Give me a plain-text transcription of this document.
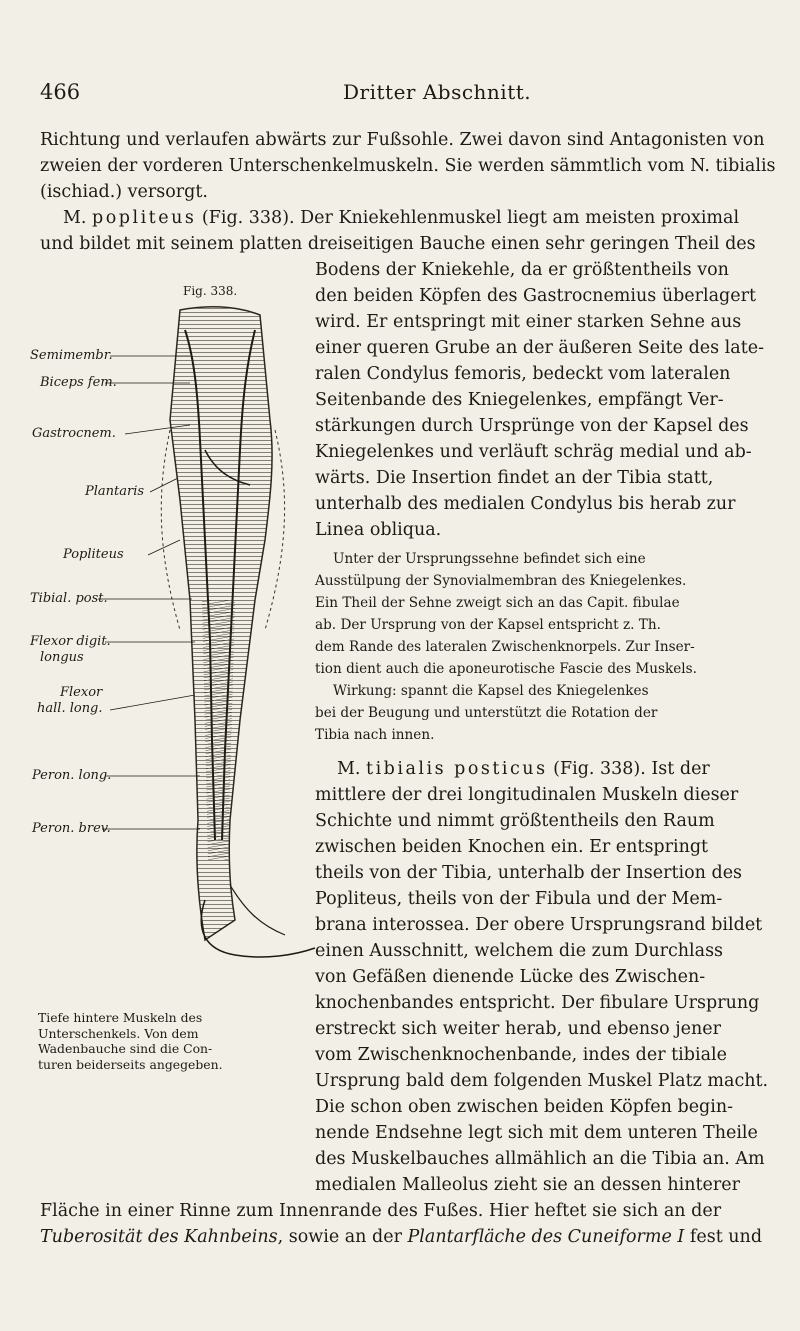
466	Dritter Abschnitt.
Richtung und verlaufen abwärts zur Fußsohle. Zwei davon sind Antagonisten von
zweien der vorderen Unterschenkelmuskeln. Sie werden sämmtlich vom N. tibialis
(ischiad.) versorgt.
M. popliteus (Fig. 338). Der Kniekehlenmuskel liegt am meisten proximal
und bildet mit seinem platten dreiseitigen Bauche einen sehr geringen Theil des
Bodens der Kniekehle, da er größtentheils von
den beiden Köpfen des Gastrocnemius überlagert
wird. Er entspringt mit einer starken Sehne aus
einer queren Grube an der äußeren Seite des late-
ralen Condylus femoris, bedeckt vom lateralen
Seitenbande des Kniegelenkes, empfängt Ver-
stärkungen durch Ursprünge von der Kapsel des
Kniegelenkes und verläuft schräg medial und ab-
wärts. Die Insertion findet an der Tibia statt,
unterhalb des medialen Condylus bis herab zur
Linea obliqua.
Unter der Ursprungssehne befindet sich eine
Ausstülpung der Synovialmembran des Kniegelenkes.
Ein Theil der Sehne zweigt sich an das Capit. fibulae
ab. Der Ursprung von der Kapsel entspricht z. Th.
dem Rande des lateralen Zwischenknorpels. Zur Inser-
tion dient auch die aponeurotische Fascie des Muskels.
Wirkung: spannt die Kapsel des Kniegelenkes
bei der Beugung und unterstützt die Rotation der
Tibia nach innen.
M. tibialis posticus (Fig. 338). Ist der
mittlere der drei longitudinalen Muskeln dieser
Schichte und nimmt größtentheils den Raum
zwischen beiden Knochen ein. Er entspringt
theils von der Tibia, unterhalb der Insertion des
Popliteus, theils von der Fibula und der Mem-
brana interossea. Der obere Ursprungsrand bildet
einen Ausschnitt, welchem die zum Durchlass
von Gefäßen dienende Lücke des Zwischen-
knochenbandes entspricht. Der fibulare Ursprung
erstreckt sich weiter herab, und ebenso jener
vom Zwischenknochenbande, indes der tibiale
Ursprung bald dem folgenden Muskel Platz macht.
Die schon oben zwischen beiden Köpfen begin-
nende Endsehne legt sich mit dem unteren Theile
des Muskelbauches allmählich an die Tibia an. Am
medialen Malleolus zieht sie an dessen hinterer
Fläche in einer Rinne zum Innenrande des Fußes. Hier heftet sie sich an der
Tuberosität des Kahnbeins, sowie an der Plantarfläche des Cuneiforme I fest und
Fig. 338.
Semimembr.
Biceps fem.
Gastrocnem.
Plantaris
Popliteus
Tibial. post.
Flexor digit.
longus
Flexor
hall. long.
Peron. long.
Peron. brev.
Tiefe hintere Muskeln des
Unterschenkels. Von dem
Wadenbauche sind die Con-
turen beiderseits angegeben.
